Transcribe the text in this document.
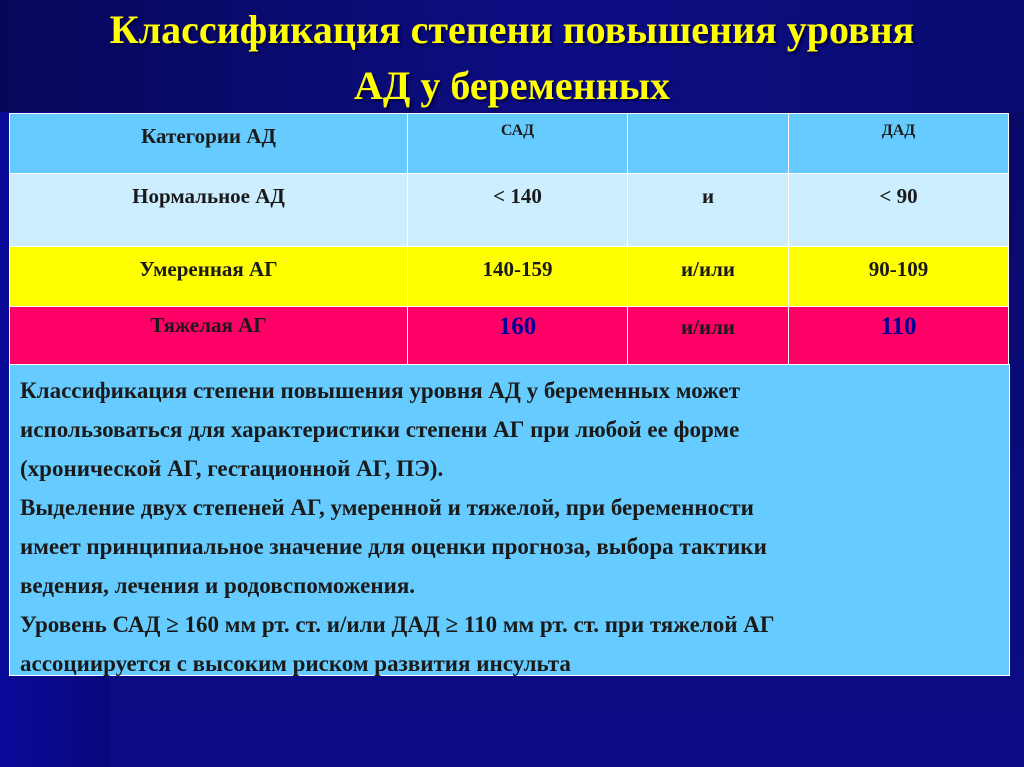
Классификация степени повышения уровня
АД у беременных
Категории АД	САД		ДАД
Нормальное АД	< 140	и	< 90
Умеренная АГ	140-159	и/или	90-109
Тяжелая АГ	160	и/или	110

Классификация степени повышения уровня АД у беременных может

использоваться для характеристики степени АГ при любой ее форме

(хронической АГ, гестационной АГ, ПЭ).

Выделение двух степеней АГ, умеренной и тяжелой, при беременности

имеет принципиальное значение для оценки прогноза, выбора тактики

ведения, лечения и родовспоможения.

Уровень САД ≥ 160 мм рт. ст. и/или ДАД ≥ 110 мм рт. ст. при тяжелой АГ

ассоциируется с высоким риском развития инсульта
